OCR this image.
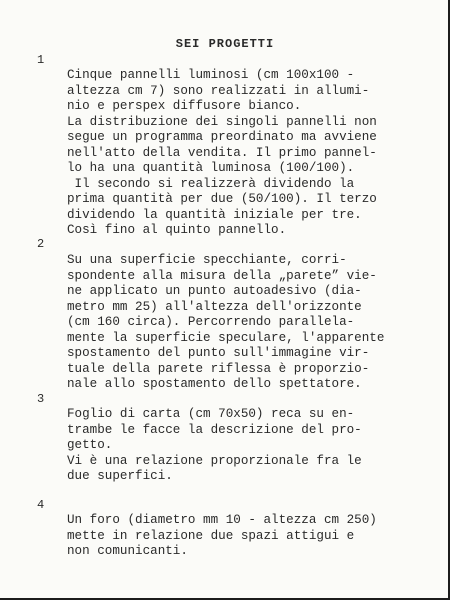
SEI PROGETTI

1

Cinque pannelli luminosi (cm 100x100 -
altezza cm 7) sono realizzati in allumi-
nio e perspex diffusore bianco.
La distribuzione dei singoli pannelli non
segue un programma preordinato ma avviene
nell'atto della vendita. Il primo pannel-
lo ha una quantità luminosa (100/100).
Il secondo si realizzerà dividendo la
prima quantità per due (50/100). Il terzo
dividendo la quantità iniziale per tre.
Così fino al quinto pannello.

2

Su una superficie specchiante, corri-
spondente alla misura della „parete” vie-
ne applicato un punto autoadesivo (dia-
metro mm 25) all'altezza dell'orizzonte
(cm 160 circa). Percorrendo parallela-
mente la superficie speculare, l'apparente
spostamento del punto sull'immagine vir-
tuale della parete riflessa è proporzio-
nale allo spostamento dello spettatore.

3

Foglio di carta (cm 70x50) reca su en-
trambe le facce la descrizione del pro-
getto.
Vi è una relazione proporzionale fra le
due superfici.

4

Un foro (diametro mm 10 - altezza cm 250)
mette in relazione due spazi attigui e
non comunicanti.
